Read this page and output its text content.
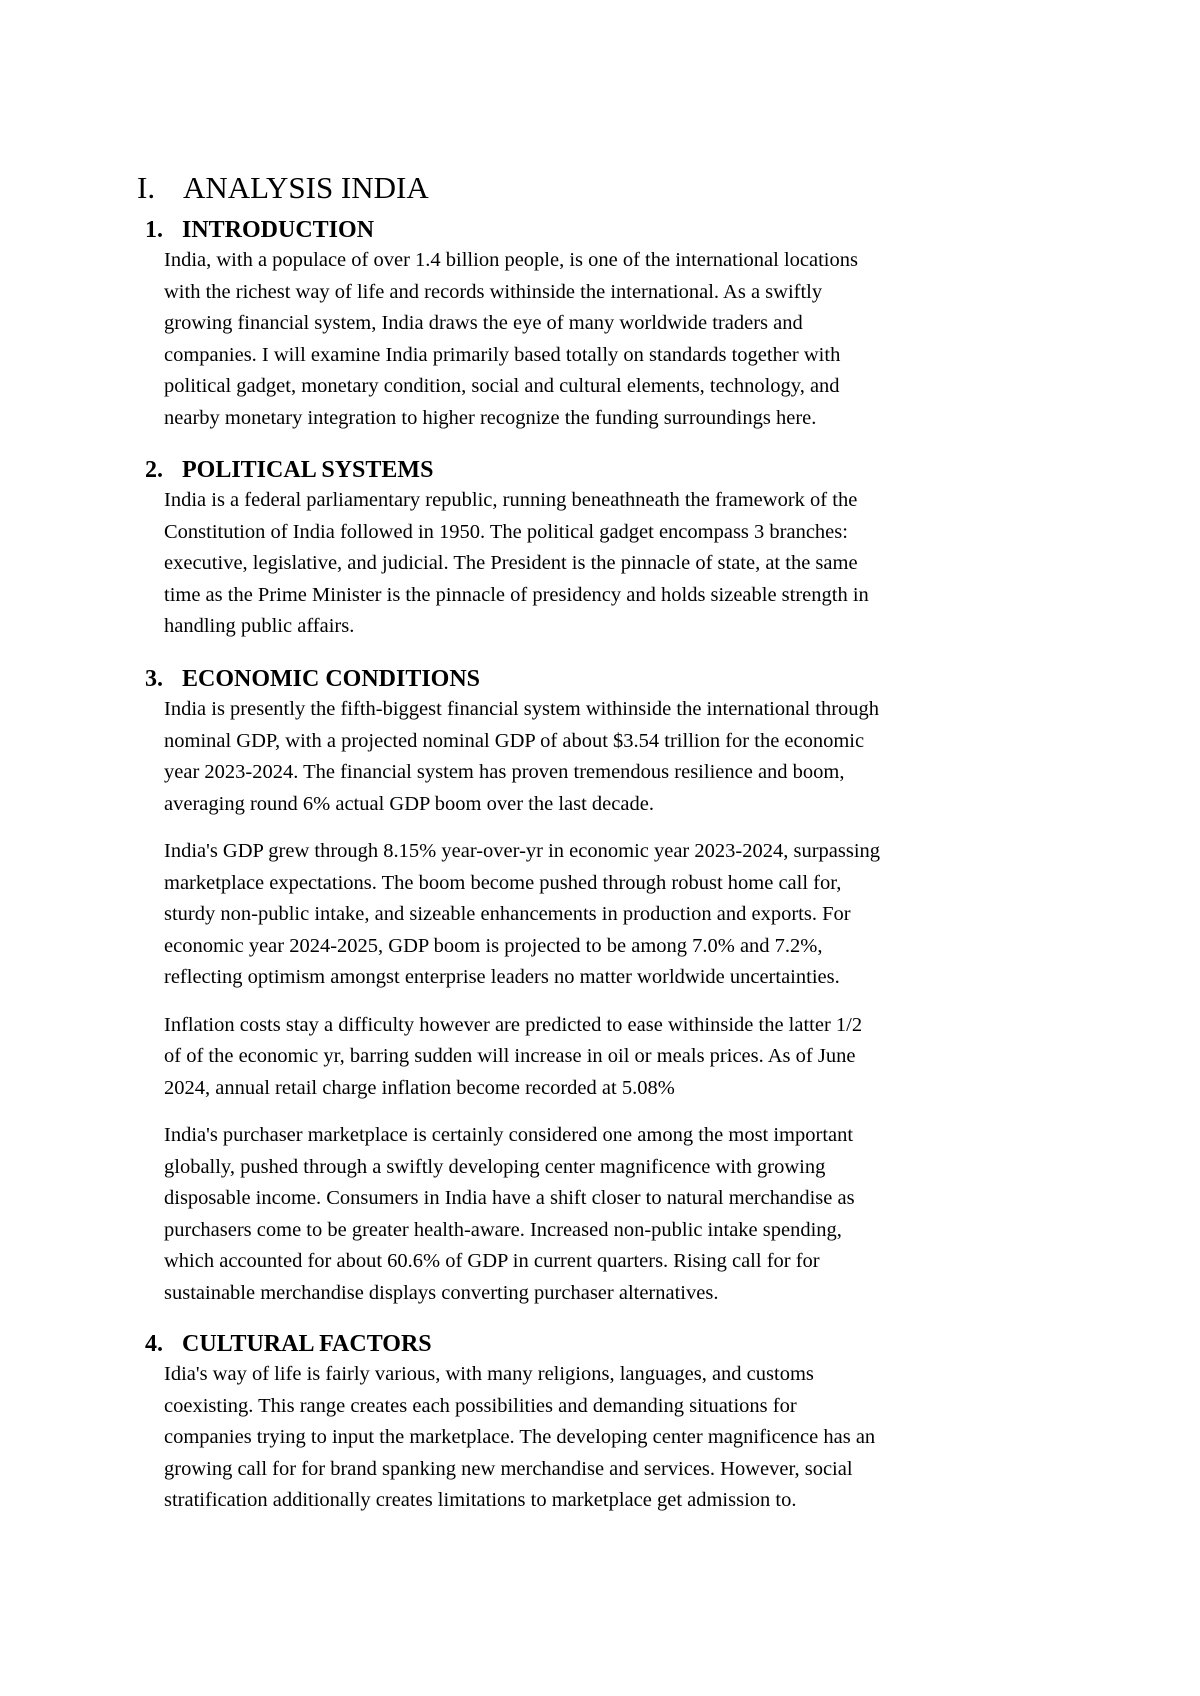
I. ANALYSIS INDIA
1. INTRODUCTION

India, with a populace of over 1.4 billion people, is one of the international locations
with the richest way of life and records withinside the international. As a swiftly
growing financial system, India draws the eye of many worldwide traders and
companies. I will examine India primarily based totally on standards together with
political gadget, monetary condition, social and cultural elements, technology, and
nearby monetary integration to higher recognize the funding surroundings here.

2. POLITICAL SYSTEMS

India is a federal parliamentary republic, running beneathneath the framework of the
Constitution of India followed in 1950. The political gadget encompass 3 branches:
executive, legislative, and judicial. The President is the pinnacle of state, at the same
time as the Prime Minister is the pinnacle of presidency and holds sizeable strength in
handling public affairs.

3. ECONOMIC CONDITIONS

India is presently the fifth-biggest financial system withinside the international through
nominal GDP, with a projected nominal GDP of about $3.54 trillion for the economic
year 2023-2024. The financial system has proven tremendous resilience and boom,
averaging round 6% actual GDP boom over the last decade.

India's GDP grew through 8.15% year-over-yr in economic year 2023-2024, surpassing
marketplace expectations. The boom become pushed through robust home call for,
sturdy non-public intake, and sizeable enhancements in production and exports. For
economic year 2024-2025, GDP boom is projected to be among 7.0% and 7.2%,
reflecting optimism amongst enterprise leaders no matter worldwide uncertainties.

Inflation costs stay a difficulty however are predicted to ease withinside the latter 1/2
of of the economic yr, barring sudden will increase in oil or meals prices. As of June
2024, annual retail charge inflation become recorded at 5.08%

India's purchaser marketplace is certainly considered one among the most important
globally, pushed through a swiftly developing center magnificence with growing
disposable income. Consumers in India have a shift closer to natural merchandise as
purchasers come to be greater health-aware. Increased non-public intake spending,
which accounted for about 60.6% of GDP in current quarters. Rising call for for
sustainable merchandise displays converting purchaser alternatives.

4. CULTURAL FACTORS

Idia's way of life is fairly various, with many religions, languages, and customs
coexisting. This range creates each possibilities and demanding situations for
companies trying to input the marketplace. The developing center magnificence has an
growing call for for brand spanking new merchandise and services. However, social
stratification additionally creates limitations to marketplace get admission to.
